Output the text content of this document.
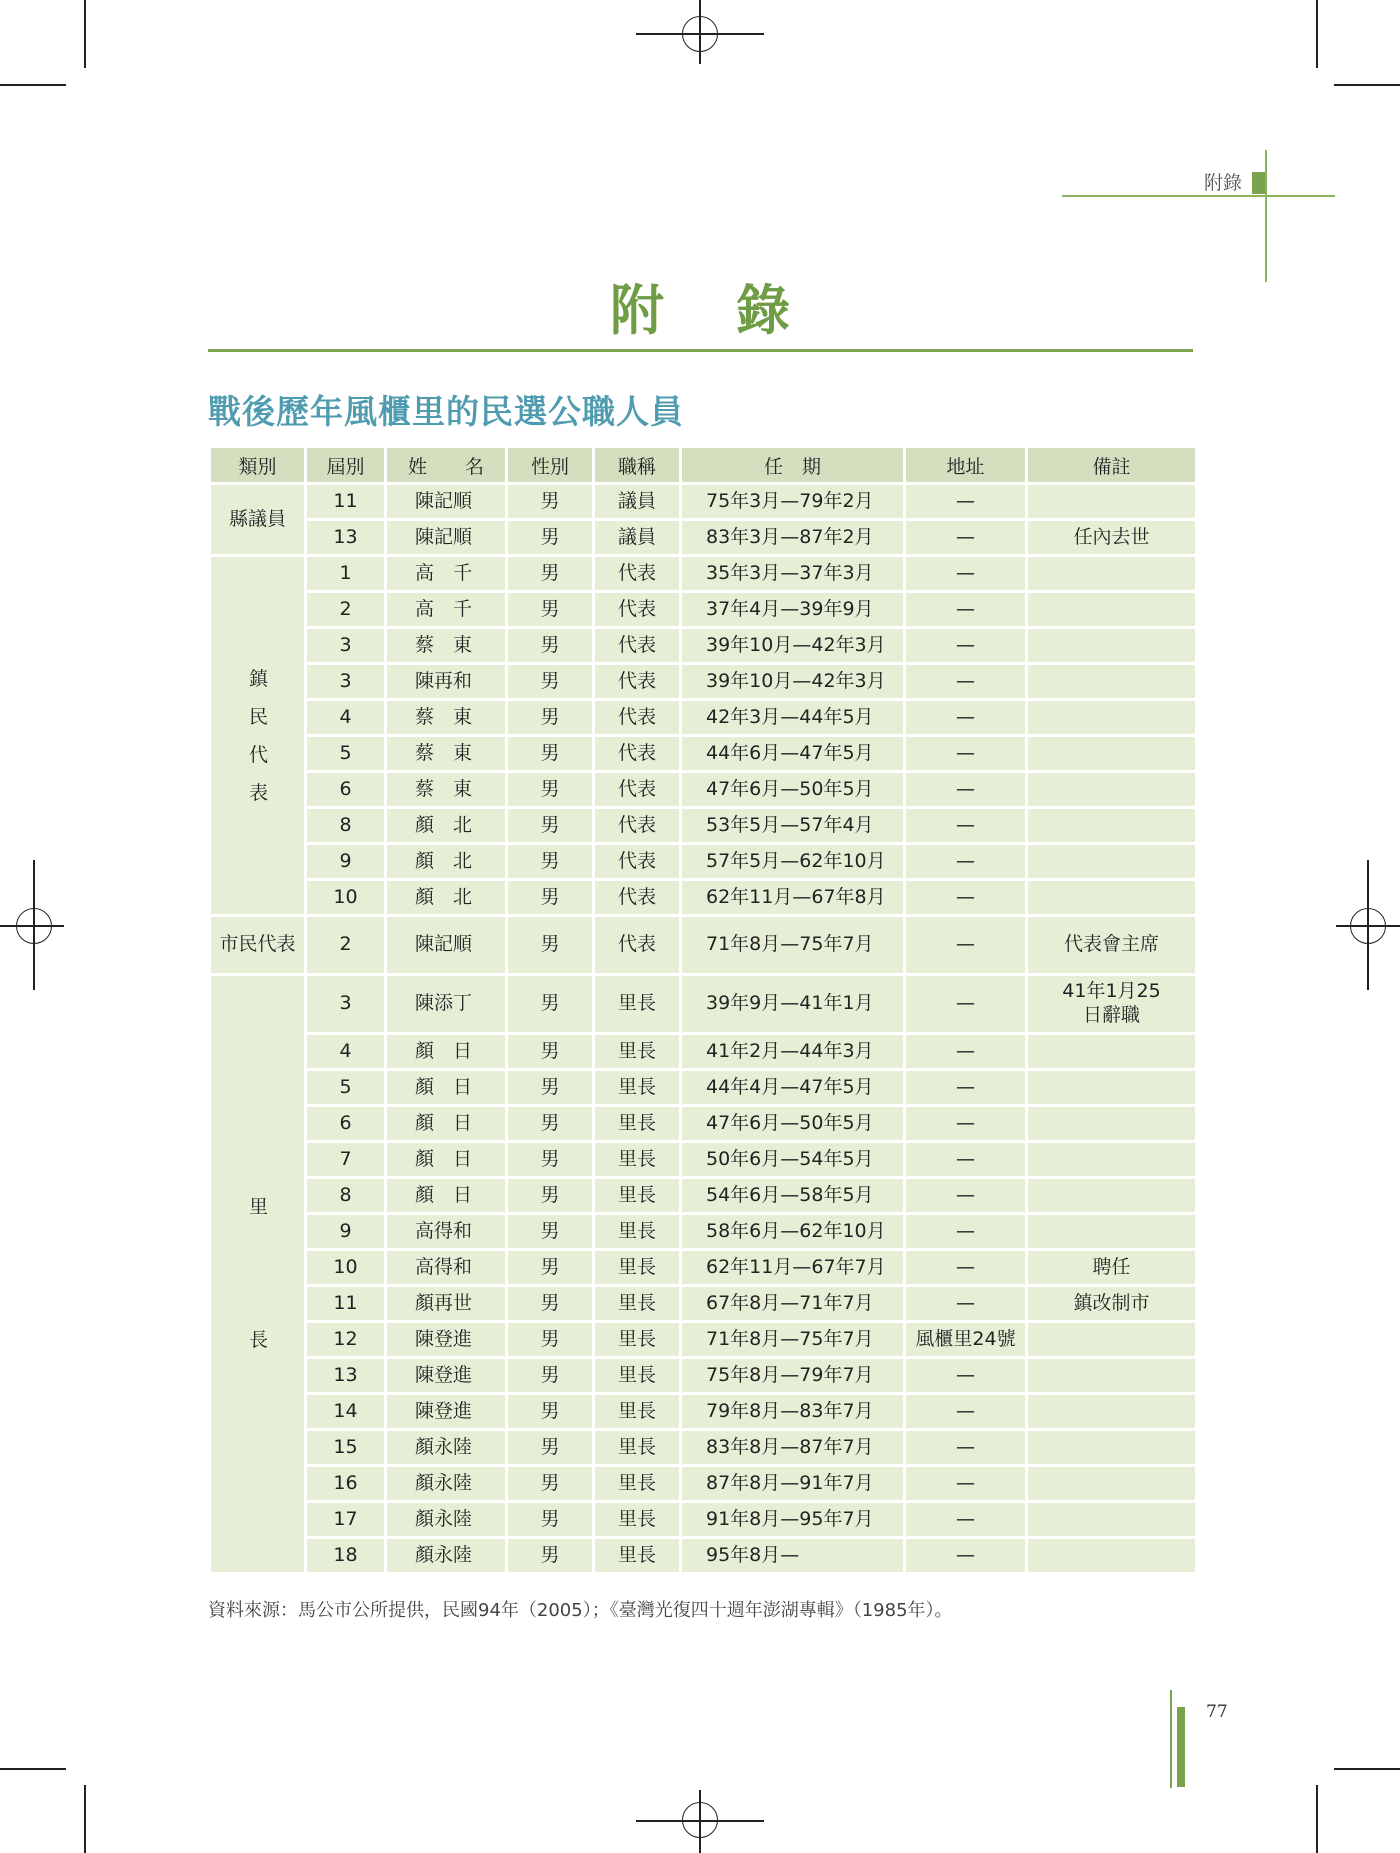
附錄
附錄
戰後歷年風櫃里的民選公職人員
類別	屆別	姓　　名	性別	職稱	任　期	地址	備註
縣議員	11	陳記順	男	議員	75年3月—79年2月	—	
	13	陳記順	男	議員	83年3月—87年2月	—	任內去世
鎮民代表	1	高　千	男	代表	35年3月—37年3月	—	
	2	高　千	男	代表	37年4月—39年9月	—	
	3	蔡　東	男	代表	39年10月—42年3月	—	
	3	陳再和	男	代表	39年10月—42年3月	—	
	4	蔡　東	男	代表	42年3月—44年5月	—	
	5	蔡　東	男	代表	44年6月—47年5月	—	
	6	蔡　東	男	代表	47年6月—50年5月	—	
	8	顏　北	男	代表	53年5月—57年4月	—	
	9	顏　北	男	代表	57年5月—62年10月	—	
	10	顏　北	男	代表	62年11月—67年8月	—	
市民代表	2	陳記順	男	代表	71年8月—75年7月	—	代表會主席
里長	3	陳添丁	男	里長	39年9月—41年1月	—	41年1月25日辭職
	4	顏　日	男	里長	41年2月—44年3月	—	
	5	顏　日	男	里長	44年4月—47年5月	—	
	6	顏　日	男	里長	47年6月—50年5月	—	
	7	顏　日	男	里長	50年6月—54年5月	—	
	8	顏　日	男	里長	54年6月—58年5月	—	
	9	高得和	男	里長	58年6月—62年10月	—	
	10	高得和	男	里長	62年11月—67年7月	—	聘任
	11	顏再世	男	里長	67年8月—71年7月	—	鎮改制市
	12	陳登進	男	里長	71年8月—75年7月	風櫃里24號	
	13	陳登進	男	里長	75年8月—79年7月	—	
	14	陳登進	男	里長	79年8月—83年7月	—	
	15	顏永陸	男	里長	83年8月—87年7月	—	
	16	顏永陸	男	里長	87年8月—91年7月	—	
	17	顏永陸	男	里長	91年8月—95年7月	—	
	18	顏永陸	男	里長	95年8月—	—	
資料來源：馬公市公所提供，民國94年（2005）；《臺灣光復四十週年澎湖專輯》（1985年）。
77
